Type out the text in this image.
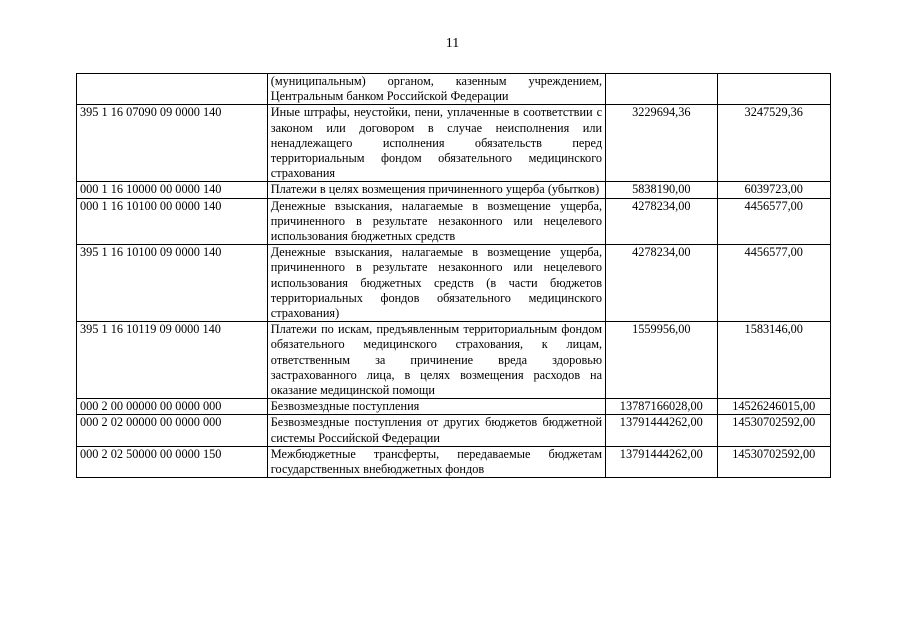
11
	(муниципальным) органом, казенным учреждением, Центральным банком Российской Федерации		
395 1 16 07090 09 0000 140	Иные штрафы, неустойки, пени, уплаченные в соответствии с законом или договором в случае неисполнения или ненадлежащего исполнения обязательств перед территориальным фондом обязательного медицинского страхования	3229694,36	3247529,36
000 1 16 10000 00 0000 140	Платежи в целях возмещения причиненного ущерба (убытков)	5838190,00	6039723,00
000 1 16 10100 00 0000 140	Денежные взыскания, налагаемые в возмещение ущерба, причиненного в результате незаконного или нецелевого использования бюджетных средств	4278234,00	4456577,00
395 1 16 10100 09 0000 140	Денежные взыскания, налагаемые в возмещение ущерба, причиненного в результате незаконного или нецелевого использования бюджетных средств (в части бюджетов территориальных фондов обязательного медицинского страхования)	4278234,00	4456577,00
395 1 16 10119 09 0000 140	Платежи по искам, предъявленным территориальным фондом обязательного медицинского страхования, к лицам, ответственным за причинение вреда здоровью застрахованного лица, в целях возмещения расходов на оказание медицинской помощи	1559956,00	1583146,00
000 2 00 00000 00 0000 000	Безвозмездные поступления	13787166028,00	14526246015,00
000 2 02 00000 00 0000 000	Безвозмездные поступления от других бюджетов бюджетной системы Российской Федерации	13791444262,00	14530702592,00
000 2 02 50000 00 0000 150	Межбюджетные трансферты, передаваемые бюджетам государственных внебюджетных фондов	13791444262,00	14530702592,00
